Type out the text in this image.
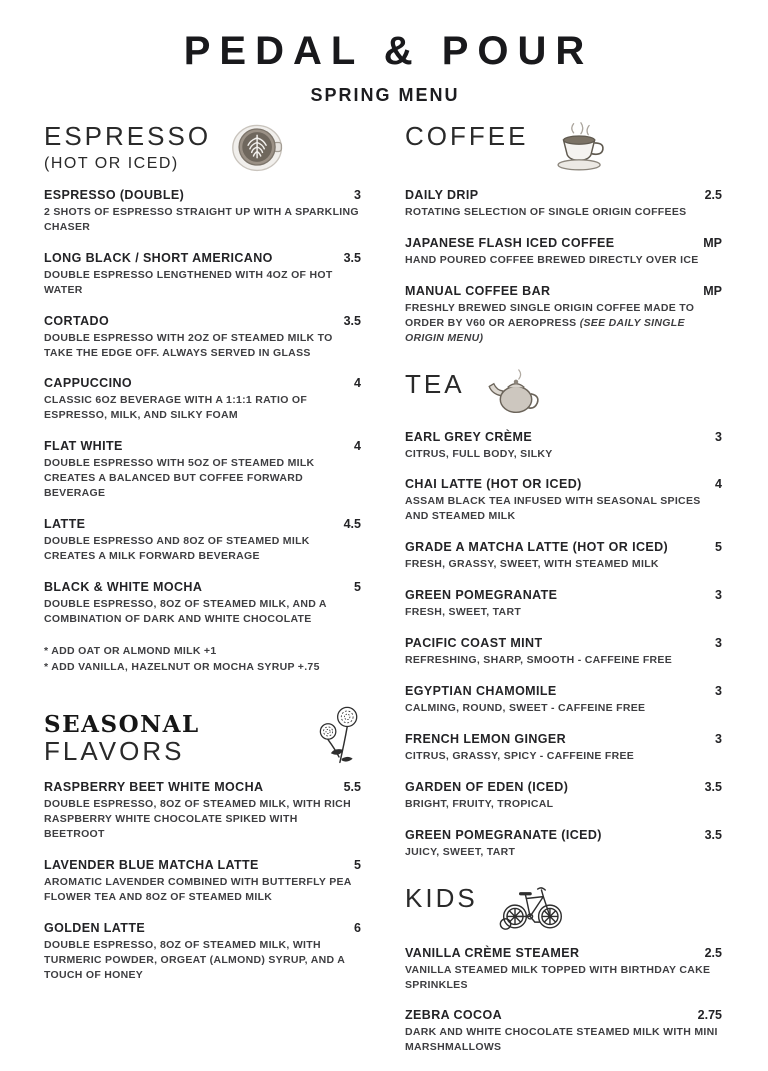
PEDAL & POUR
SPRING MENU
ESPRESSO
(HOT OR ICED)
ESPRESSO (DOUBLE)	3
2 SHOTS OF ESPRESSO STRAIGHT UP WITH A SPARKLING CHASER
LONG BLACK / SHORT AMERICANO	3.5
DOUBLE ESPRESSO LENGTHENED WITH 4OZ OF HOT WATER
CORTADO	3.5
DOUBLE ESPRESSO WITH 2OZ OF STEAMED MILK TO TAKE THE EDGE OFF. ALWAYS SERVED IN GLASS
CAPPUCCINO	4
CLASSIC 6OZ BEVERAGE WITH A 1:1:1 RATIO OF ESPRESSO, MILK, AND SILKY FOAM
FLAT WHITE	4
DOUBLE ESPRESSO WITH 5OZ OF STEAMED MILK CREATES A BALANCED BUT COFFEE FORWARD BEVERAGE
LATTE	4.5
DOUBLE ESPRESSO AND 8OZ OF STEAMED MILK CREATES A MILK FORWARD BEVERAGE
BLACK & WHITE MOCHA	5
DOUBLE ESPRESSO, 8OZ OF STEAMED MILK, AND A COMBINATION OF DARK AND WHITE CHOCOLATE
* ADD OAT OR ALMOND MILK +1
* ADD VANILLA, HAZELNUT OR MOCHA SYRUP +.75
SEASONAL FLAVORS
RASPBERRY BEET WHITE MOCHA	5.5
DOUBLE ESPRESSO, 8OZ OF STEAMED MILK, WITH RICH RASPBERRY WHITE CHOCOLATE SPIKED WITH BEETROOT
LAVENDER BLUE MATCHA LATTE	5
AROMATIC LAVENDER COMBINED WITH BUTTERFLY PEA FLOWER TEA AND 8OZ OF STEAMED MILK
GOLDEN LATTE	6
DOUBLE ESPRESSO, 8OZ OF STEAMED MILK, WITH TURMERIC POWDER, ORGEAT (ALMOND) SYRUP, AND A TOUCH OF HONEY
COFFEE
DAILY DRIP	2.5
ROTATING SELECTION OF SINGLE ORIGIN COFFEES
JAPANESE FLASH ICED COFFEE	MP
HAND POURED COFFEE BREWED DIRECTLY OVER ICE
MANUAL COFFEE BAR	MP
FRESHLY BREWED SINGLE ORIGIN COFFEE MADE TO ORDER BY V60 OR AEROPRESS (SEE DAILY SINGLE ORIGIN MENU)
TEA
EARL GREY CRÈME	3
CITRUS, FULL BODY, SILKY
CHAI LATTE (HOT OR ICED)	4
ASSAM BLACK TEA INFUSED WITH SEASONAL SPICES AND STEAMED MILK
GRADE A MATCHA LATTE (HOT OR ICED)	5
FRESH, GRASSY, SWEET, WITH STEAMED MILK
GREEN POMEGRANATE	3
FRESH, SWEET, TART
PACIFIC COAST MINT	3
REFRESHING, SHARP, SMOOTH - CAFFEINE FREE
EGYPTIAN CHAMOMILE	3
CALMING, ROUND, SWEET - CAFFEINE FREE
FRENCH LEMON GINGER	3
CITRUS, GRASSY, SPICY - CAFFEINE FREE
GARDEN OF EDEN (ICED)	3.5
BRIGHT, FRUITY, TROPICAL
GREEN POMEGRANATE (ICED)	3.5
JUICY, SWEET, TART
KIDS
VANILLA CRÈME STEAMER	2.5
VANILLA STEAMED MILK TOPPED WITH BIRTHDAY CAKE SPRINKLES
ZEBRA COCOA	2.75
DARK AND WHITE CHOCOLATE STEAMED MILK WITH MINI MARSHMALLOWS
